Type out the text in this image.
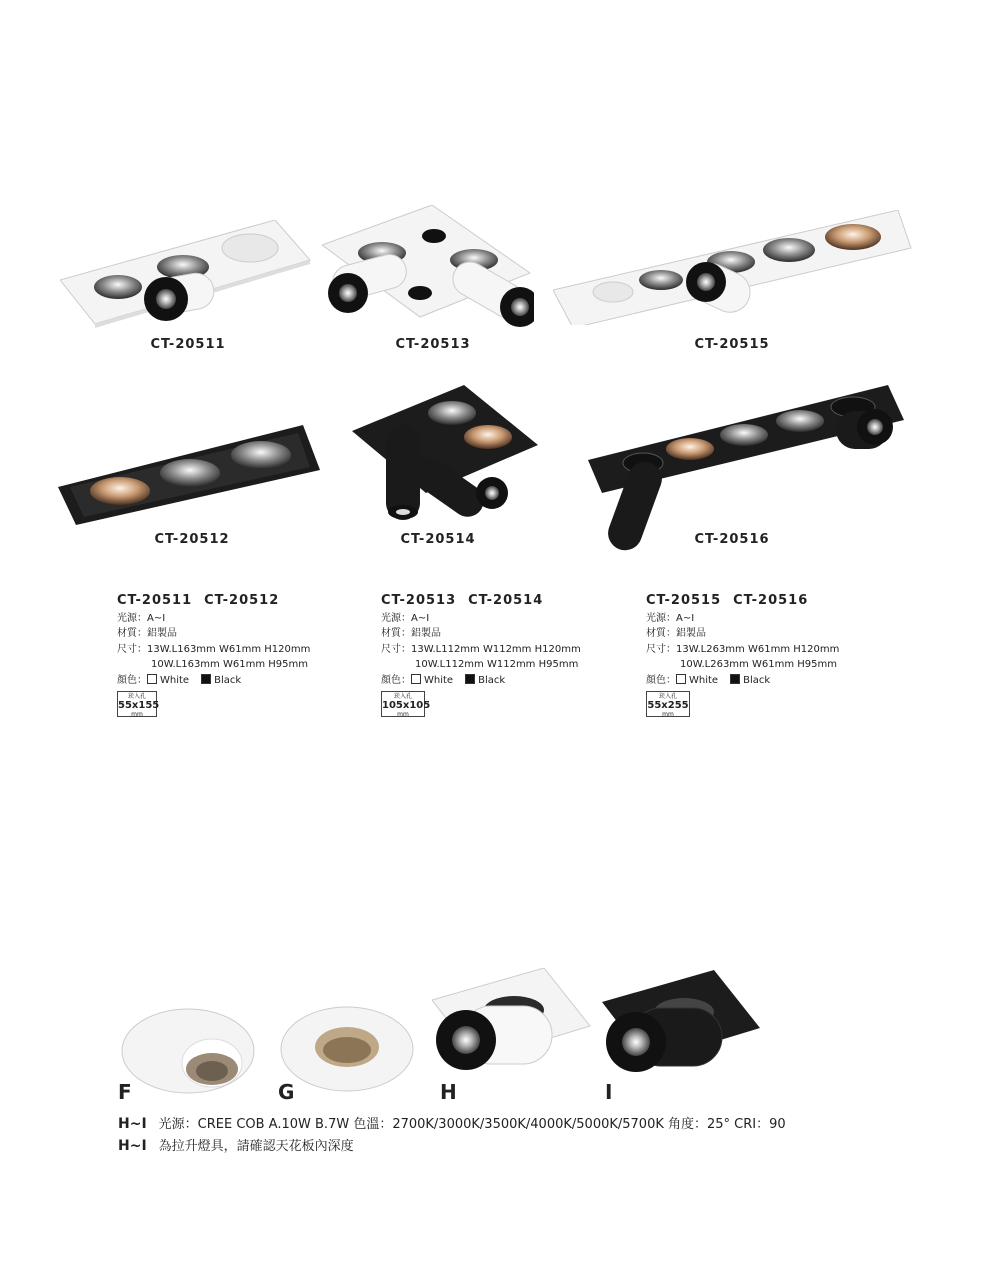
CT-20511	CT-20513	CT-20515
CT-20512	CT-20514	CT-20516
CT-20511 CT-20512
光源：A~I
材質：鋁製品
尺寸：13W.L163mm W61mm H120mm
10W.L163mm W61mm H95mm
顏色： White	Black
崁入孔
55x155
mm
CT-20513 CT-20514
光源：A~I
材質：鋁製品
尺寸：13W.L112mm W112mm H120mm
10W.L112mm W112mm H95mm
顏色： White	Black
崁入孔
105x105
mm
CT-20515 CT-20516
光源：A~I
材質：鋁製品
尺寸：13W.L263mm W61mm H120mm
10W.L263mm W61mm H95mm
顏色： White	Black
崁入孔
55x255
mm
F	G	H	I
H~I 光源：CREE COB A.10W B.7W 色溫：2700K/3000K/3500K/4000K/5000K/5700K 角度：25° CRI：90
H~I 為拉升燈具，請確認天花板內深度
